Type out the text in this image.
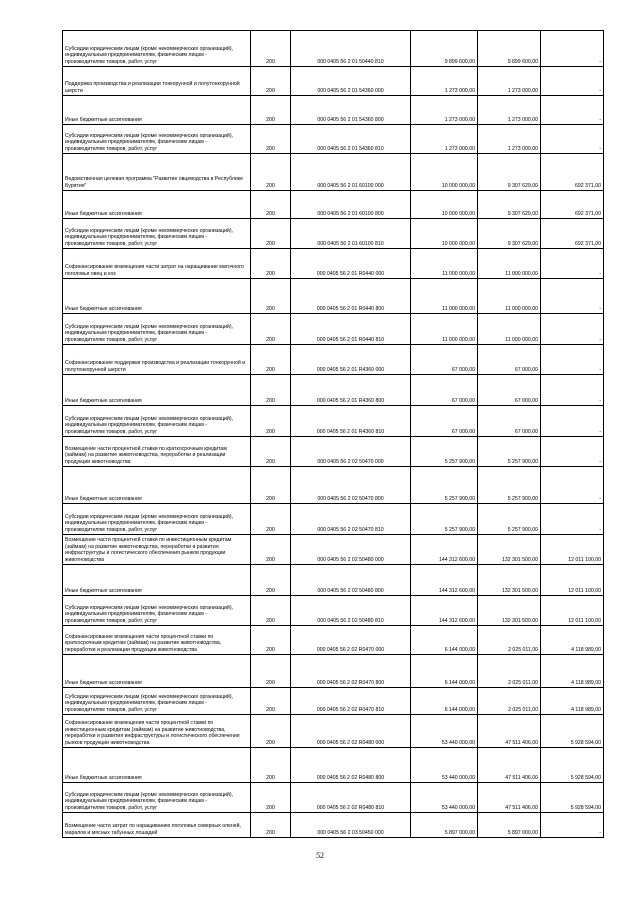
Субсидии юридическим лицам (кроме некоммерческих организаций), индивидуальным предпринимателям, физическим лицам - производителям товаров, работ, услуг	200	000 0405 56 2 01 50440 810	9 899 600,00	9 899 600,00	-
Поддержка производства и реализации тонкорунной и полутонкорунной шерсти	200	000 0405 56 2 01 54360 000	1 273 000,00	1 273 000,00	-
Иные бюджетные ассигнования	200	000 0405 56 2 01 54360 800	1 273 000,00	1 273 000,00	-
Субсидии юридическим лицам (кроме некоммерческих организаций), индивидуальным предпринимателям, физическим лицам - производителям товаров, работ, услуг	200	000 0405 56 2 01 54360 810	1 273 000,00	1 273 000,00	-
Ведомственная целевая программа "Развитие овцеводства в Республике Бурятия"	200	000 0405 56 2 01 60100 000	10 000 000,00	9 307 629,00	692 371,00
Иные бюджетные ассигнования	200	000 0405 56 2 01 60100 800	10 000 000,00	9 307 629,00	692 371,00
Субсидии юридическим лицам (кроме некоммерческих организаций), индивидуальным предпринимателям, физическим лицам - производителям товаров, работ, услуг	200	000 0405 56 2 01 60100 810	10 000 000,00	9 307 629,00	692 371,00
Софинансирование возмещения части затрат на наращивание маточного поголовья овец и коз	200	000 0405 56 2 01 R0440 000	11 000 000,00	11 000 000,00	-
Иные бюджетные ассигнования	200	000 0405 56 2 01 R0440 800	11 000 000,00	11 000 000,00	-
Субсидии юридическим лицам (кроме некоммерческих организаций), индивидуальным предпринимателям, физическим лицам - производителям товаров, работ, услуг	200	000 0405 56 2 01 R0440 810	11 000 000,00	11 000 000,00	-
Софинансирование поддержки производства и реализации тонкорунной и полутонкорунной шерсти	200	000 0405 56 2 01 R4360 000	67 000,00	67 000,00	-
Иные бюджетные ассигнования	200	000 0405 56 2 01 R4360 800	67 000,00	67 000,00	-
Субсидии юридическим лицам (кроме некоммерческих организаций), индивидуальным предпринимателям, физическим лицам - производителям товаров, работ, услуг	200	000 0405 56 2 01 R4360 810	67 000,00	67 000,00	-
Возмещение части процентной ставки по краткосрочным кредитам (займам) на развитие животноводства, переработки и реализации продукции животноводства	200	000 0405 56 2 02 50470 000	5 257 900,00	5 257 900,00	-
Иные бюджетные ассигнования	200	000 0405 56 2 02 50470 800	5 257 900,00	5 257 900,00	-
Субсидии юридическим лицам (кроме некоммерческих организаций), индивидуальным предпринимателям, физическим лицам - производителям товаров, работ, услуг	200	000 0405 56 2 02 50470 810	5 257 900,00	5 257 900,00	-
Возмещение части процентной ставки по инвестиционным кредитам (займам) на развитие животноводства, переработки и развития инфраструктуры и логистического обеспечения рынков продукции животноводства	200	000 0405 56 2 02 50480 000	144 312 600,00	132 301 500,00	12 011 100,00
Иные бюджетные ассигнования	200	000 0405 56 2 02 50480 800	144 312 600,00	132 301 500,00	12 011 100,00
Субсидии юридическим лицам (кроме некоммерческих организаций), индивидуальным предпринимателям, физическим лицам - производителям товаров, работ, услуг	200	000 0405 56 2 02 50480 810	144 312 600,00	132 301 500,00	12 011 100,00
Софинансирование возмещения части процентной ставки по краткосрочным кредитам (займам) на развитие животноводства, переработки и реализации продукции животноводства	200	000 0405 56 2 02 R0470 000	6 144 000,00	2 025 011,00	4 118 989,00
Иные бюджетные ассигнования	200	000 0405 56 2 02 R0470 800	6 144 000,00	2 025 011,00	4 118 989,00
Субсидии юридическим лицам (кроме некоммерческих организаций), индивидуальным предпринимателям, физическим лицам - производителям товаров, работ, услуг	200	000 0405 56 2 02 R0470 810	6 144 000,00	2 025 011,00	4 118 989,00
Софинансирование возмещения части процентной ставки по инвестиционным кредитам (займам) на развитие животноводства, переработки и развития инфраструктуры и логистического обеспечения рынков продукции животноводства	200	000 0405 56 2 02 R0480 000	53 440 000,00	47 511 406,00	5 928 594,00
Иные бюджетные ассигнования	200	000 0405 56 2 02 R0480 800	53 440 000,00	47 511 406,00	5 928 594,00
Субсидии юридическим лицам (кроме некоммерческих организаций), индивидуальным предпринимателям, физическим лицам - производителям товаров, работ, услуг	200	000 0405 56 2 02 R0480 810	53 440 000,00	47 511 406,00	5 928 594,00
Возмещение части затрат по наращиванию поголовья северных оленей, маралов и мясных табунных лошадей	200	000 0405 56 2 03 50450 000	5 897 000,00	5 897 000,00	-
52
